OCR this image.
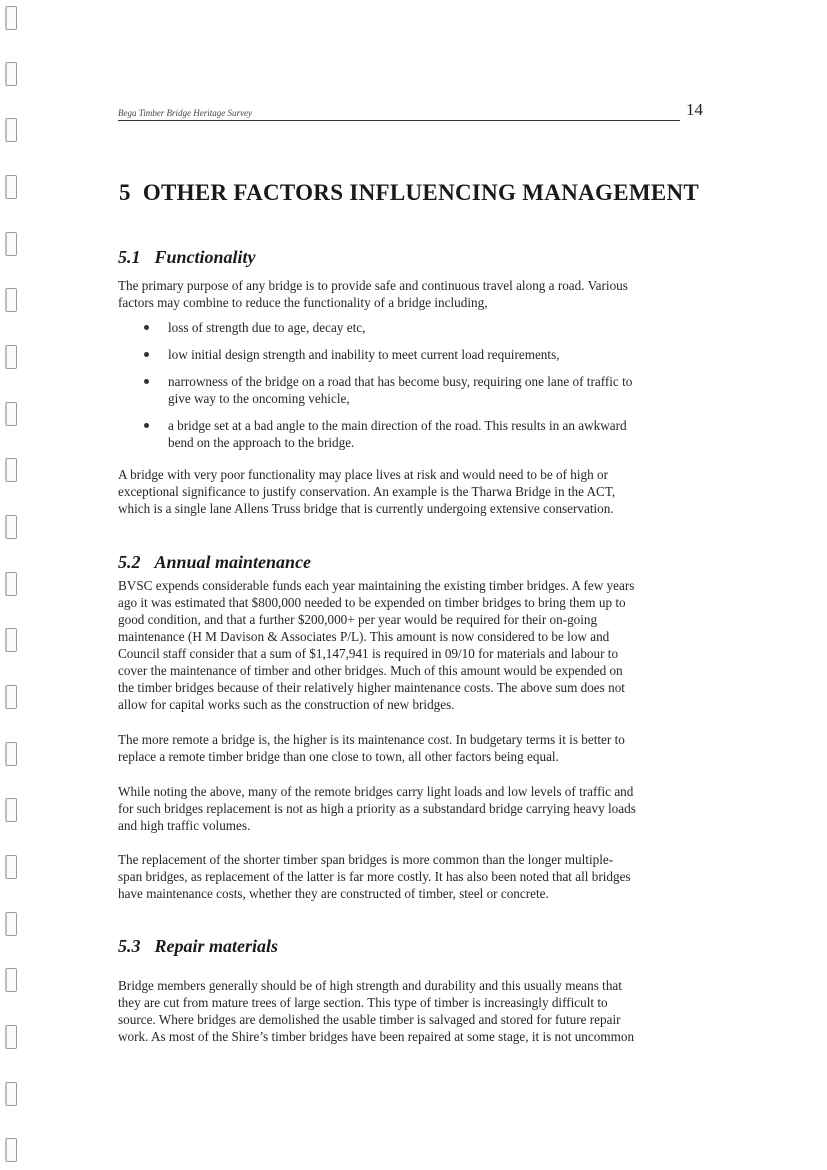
Bega Timber Bridge Heritage Survey	14
5 OTHER FACTORS INFLUENCING MANAGEMENT
5.1 Functionality

The primary purpose of any bridge is to provide safe and continuous travel along a road. Various
factors may combine to reduce the functionality of a bridge including,

loss of strength due to age, decay etc,
low initial design strength and inability to meet current load requirements,
narrowness of the bridge on a road that has become busy, requiring one lane of traffic to
give way to the oncoming vehicle,
a bridge set at a bad angle to the main direction of the road. This results in an awkward
bend on the approach to the bridge.

A bridge with very poor functionality may place lives at risk and would need to be of high or
exceptional significance to justify conservation. An example is the Tharwa Bridge in the ACT,
which is a single lane Allens Truss bridge that is currently undergoing extensive conservation.

5.2 Annual maintenance

BVSC expends considerable funds each year maintaining the existing timber bridges. A few years
ago it was estimated that $800,000 needed to be expended on timber bridges to bring them up to
good condition, and that a further $200,000+ per year would be required for their on-going
maintenance (H M Davison & Associates P/L). This amount is now considered to be low and
Council staff consider that a sum of $1,147,941 is required in 09/10 for materials and labour to
cover the maintenance of timber and other bridges. Much of this amount would be expended on
the timber bridges because of their relatively higher maintenance costs. The above sum does not
allow for capital works such as the construction of new bridges.

The more remote a bridge is, the higher is its maintenance cost. In budgetary terms it is better to
replace a remote timber bridge than one close to town, all other factors being equal.

While noting the above, many of the remote bridges carry light loads and low levels of traffic and
for such bridges replacement is not as high a priority as a substandard bridge carrying heavy loads
and high traffic volumes.

The replacement of the shorter timber span bridges is more common than the longer multiple-
span bridges, as replacement of the latter is far more costly. It has also been noted that all bridges
have maintenance costs, whether they are constructed of timber, steel or concrete.

5.3 Repair materials

Bridge members generally should be of high strength and durability and this usually means that
they are cut from mature trees of large section. This type of timber is increasingly difficult to
source. Where bridges are demolished the usable timber is salvaged and stored for future repair
work. As most of the Shire’s timber bridges have been repaired at some stage, it is not uncommon
